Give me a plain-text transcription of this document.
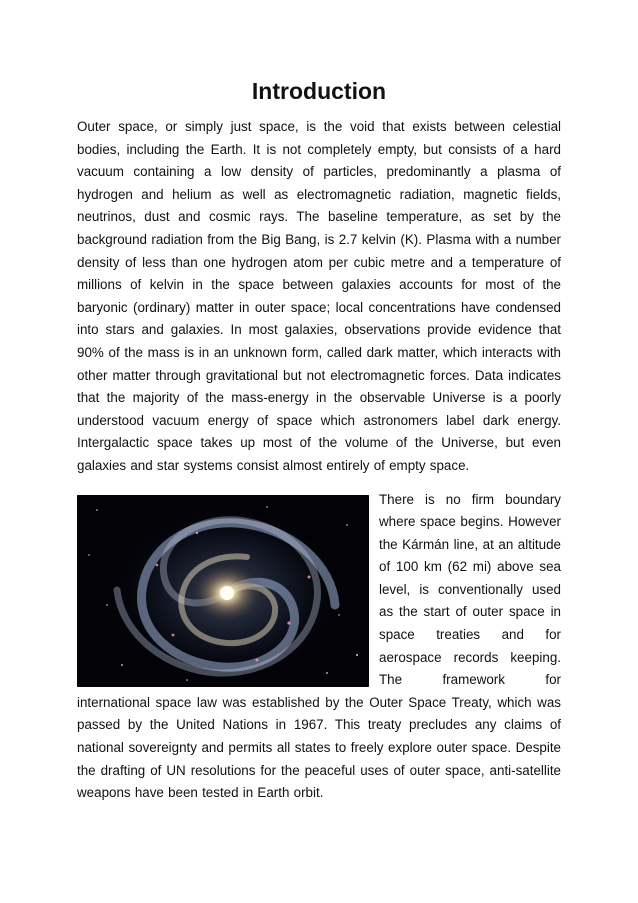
Introduction

Outer space, or simply just space, is the void that exists between celestial bodies, including the Earth. It is not completely empty, but consists of a hard vacuum containing a low density of particles, predominantly a plasma of hydrogen and helium as well as electromagnetic radiation, magnetic fields, neutrinos, dust and cosmic rays. The baseline temperature, as set by the background radiation from the Big Bang, is 2.7 kelvin (K). Plasma with a number density of less than one hydrogen atom per cubic metre and a temperature of millions of kelvin in the space between galaxies accounts for most of the baryonic (ordinary) matter in outer space; local concentrations have condensed into stars and galaxies. In most galaxies, observations provide evidence that 90% of the mass is in an unknown form, called dark matter, which interacts with other matter through gravitational but not electromagnetic forces. Data indicates that the majority of the mass-energy in the observable Universe is a poorly understood vacuum energy of space which astronomers label dark energy. Intergalactic space takes up most of the volume of the Universe, but even galaxies and star systems consist almost entirely of empty space.

There is no firm boundary where space begins. However the Kármán line, at an altitude of 100 km (62 mi) above sea level, is conventionally used as the start of outer space in space treaties and for aerospace records keeping. The framework for international space law was established by the Outer Space Treaty, which was passed by the United Nations in 1967. This treaty precludes any claims of national sovereignty and permits all states to freely explore outer space. Despite the drafting of UN resolutions for the peaceful uses of outer space, anti-satellite weapons have been tested in Earth orbit.
